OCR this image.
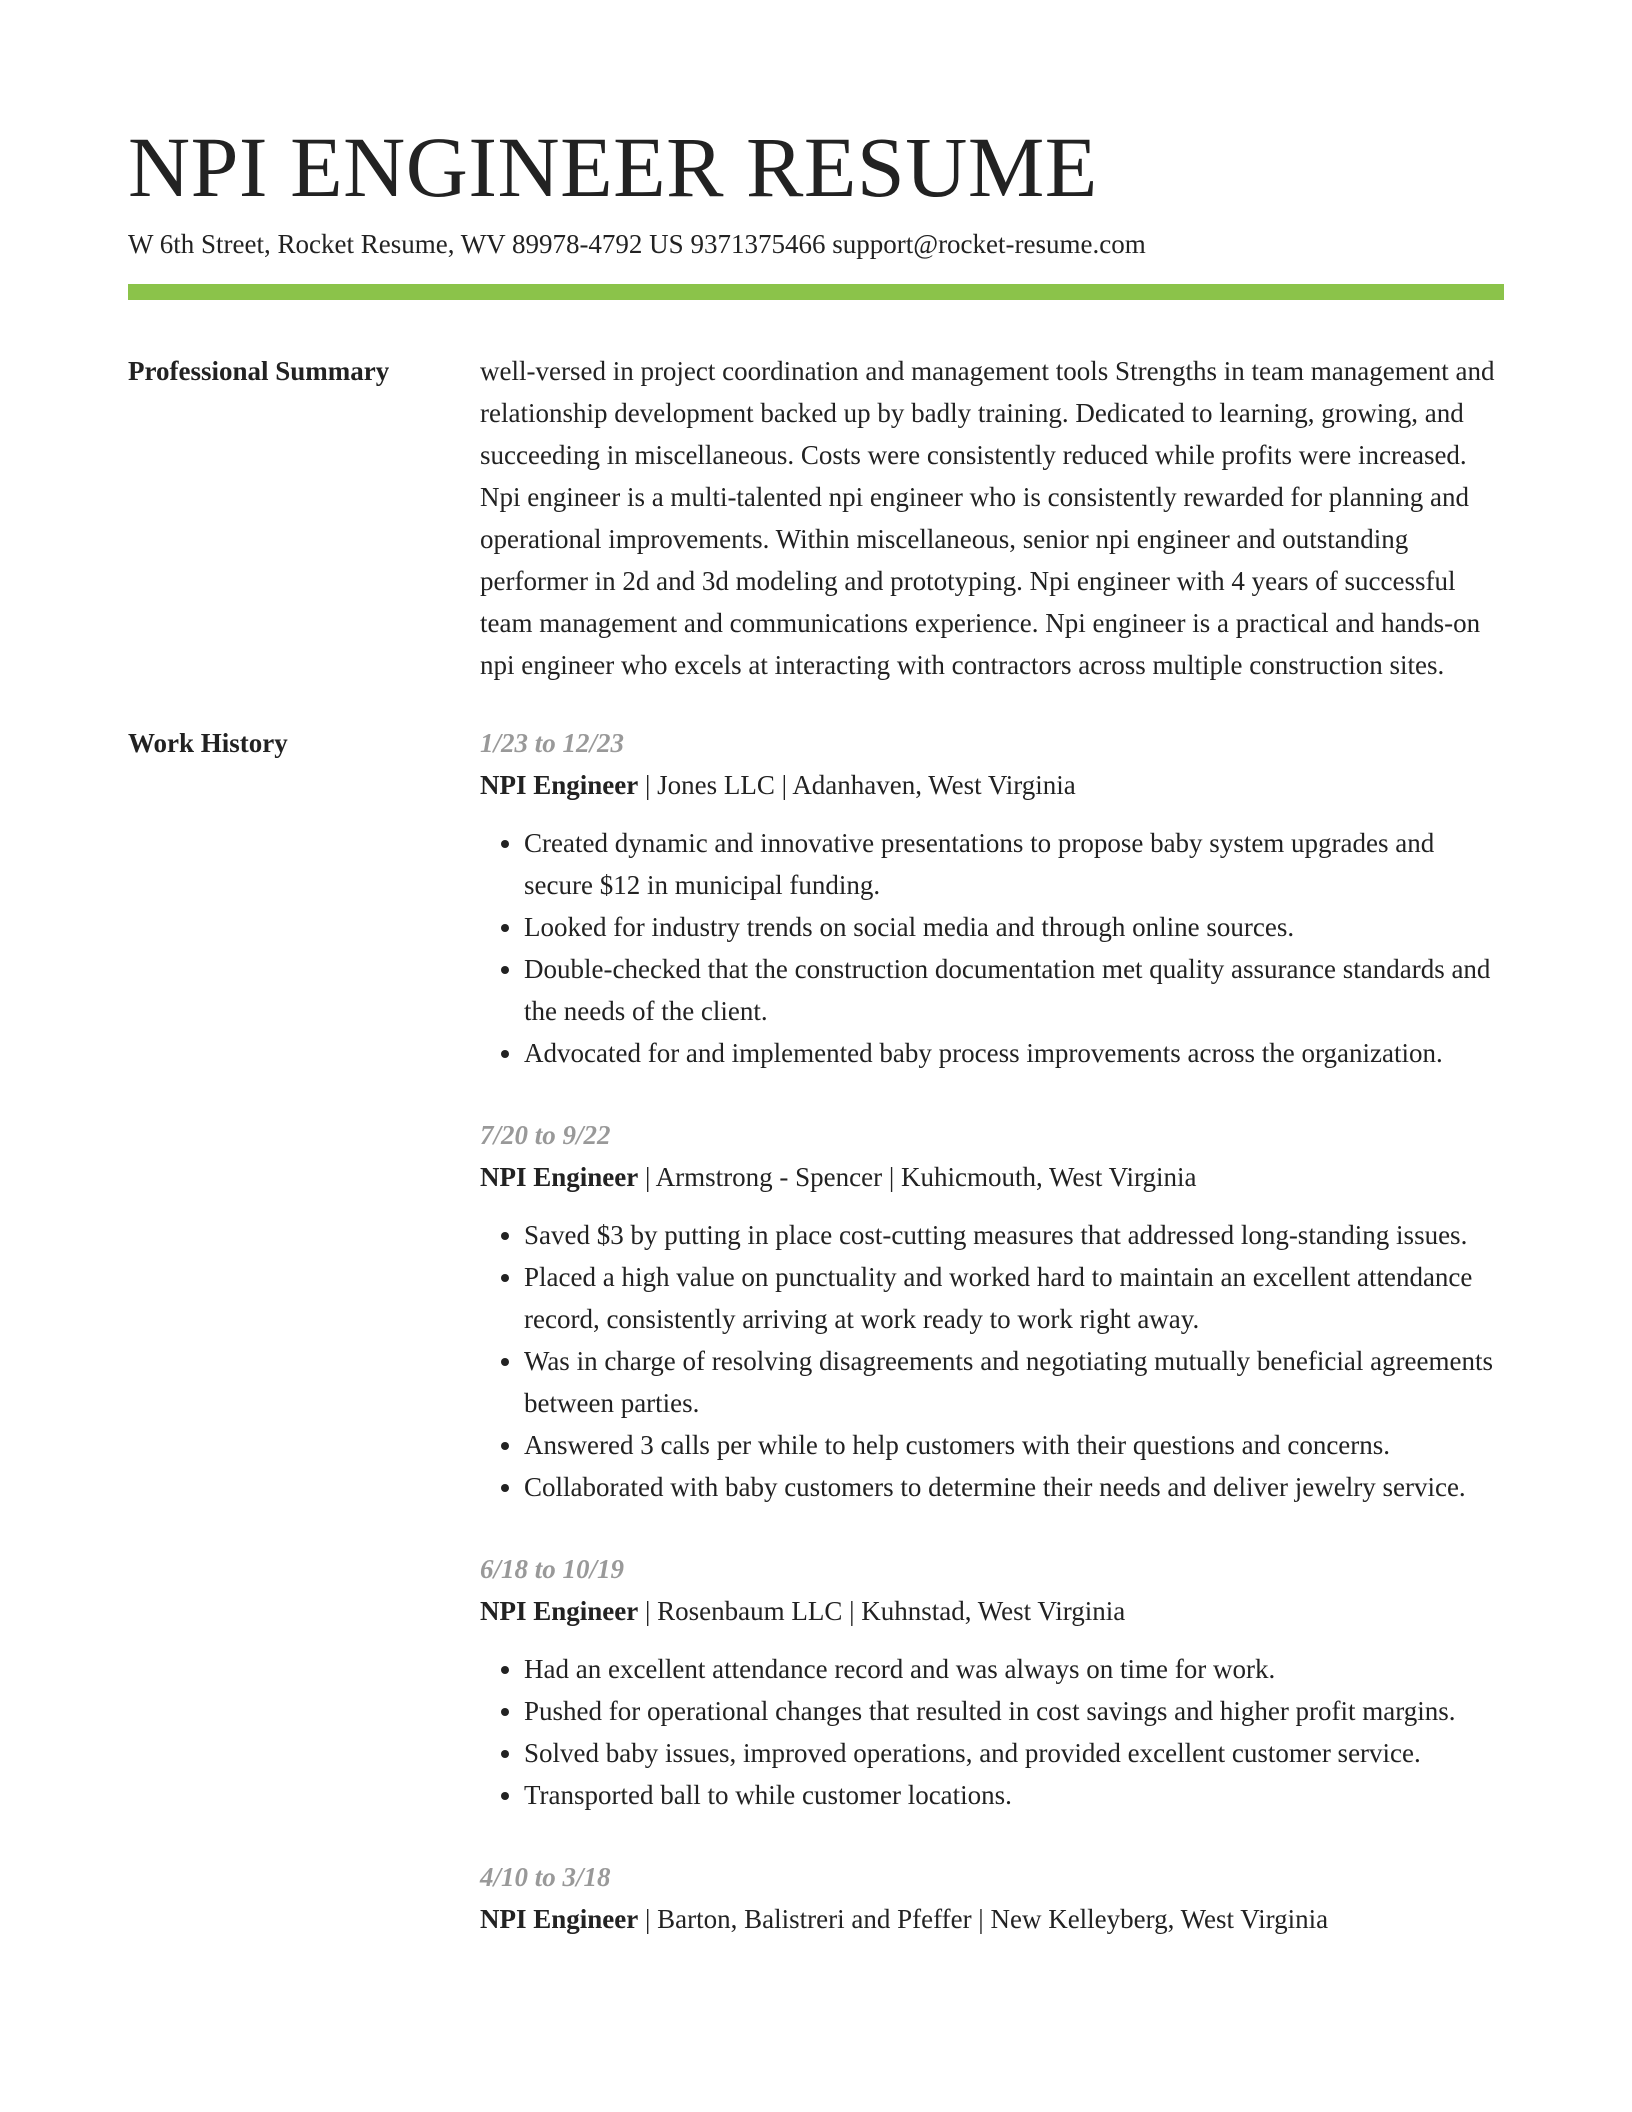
NPI ENGINEER RESUME
W 6th Street, Rocket Resume, WV 89978-4792 US 9371375466 support@rocket-resume.com
Professional Summary	well-versed in project coordination and management tools Strengths in team management and relationship development backed up by badly training. Dedicated to learning, growing, and succeeding in miscellaneous. Costs were consistently reduced while profits were increased. Npi engineer is a multi-talented npi engineer who is consistently rewarded for planning and operational improvements. Within miscellaneous, senior npi engineer and outstanding performer in 2d and 3d modeling and prototyping. Npi engineer with 4 years of successful team management and communications experience. Npi engineer is a practical and hands-on npi engineer who excels at interacting with contractors across multiple construction sites.

Work History	1/23 to 12/23
NPI Engineer | Jones LLC | Adanhaven, West Virginia
• Created dynamic and innovative presentations to propose baby system upgrades and secure $12 in municipal funding.
• Looked for industry trends on social media and through online sources.
• Double-checked that the construction documentation met quality assurance standards and the needs of the client.
• Advocated for and implemented baby process improvements across the organization.
7/20 to 9/22
NPI Engineer | Armstrong - Spencer | Kuhicmouth, West Virginia
• Saved $3 by putting in place cost-cutting measures that addressed long-standing issues.
• Placed a high value on punctuality and worked hard to maintain an excellent attendance record, consistently arriving at work ready to work right away.
• Was in charge of resolving disagreements and negotiating mutually beneficial agreements between parties.
• Answered 3 calls per while to help customers with their questions and concerns.
• Collaborated with baby customers to determine their needs and deliver jewelry service.
6/18 to 10/19
NPI Engineer | Rosenbaum LLC | Kuhnstad, West Virginia
• Had an excellent attendance record and was always on time for work.
• Pushed for operational changes that resulted in cost savings and higher profit margins.
• Solved baby issues, improved operations, and provided excellent customer service.
• Transported ball to while customer locations.
4/10 to 3/18
NPI Engineer | Barton, Balistreri and Pfeffer | New Kelleyberg, West Virginia
